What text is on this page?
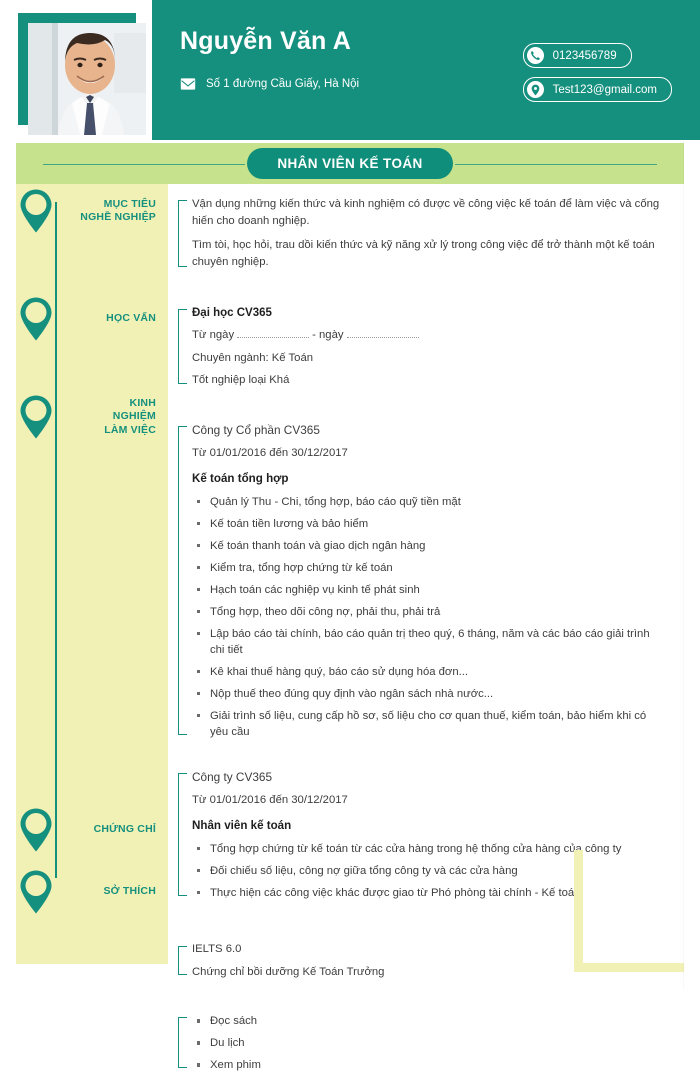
Nguyễn Văn A
Số 1 đường Cầu Giấy, Hà Nội
0123456789
Test123@gmail.com
NHÂN VIÊN KẾ TOÁN
MỤC TIÊU
NGHỀ NGHIỆP
HỌC VẤN
KINH
NGHIỆM
LÀM VIỆC
CHỨNG CHỈ
SỞ THÍCH

Vận dụng những kiến thức và kinh nghiệm có được về công việc kế toán để làm việc và cống hiến cho doanh nghiệp.

Tìm tòi, học hỏi, trau dồi kiến thức và kỹ năng xử lý trong công việc để trở thành một kế toán chuyên nghiệp.

Đại học CV365

Từ ngày	- ngày

Chuyên ngành: Kế Toán

Tốt nghiệp loại Khá

Công ty Cổ phần CV365

Từ 01/01/2016 đến 30/12/2017

Kế toán tổng hợp

Quản lý Thu - Chi, tổng hợp, báo cáo quỹ tiền mặt
Kế toán tiền lương và bảo hiểm
Kế toán thanh toán và giao dịch ngân hàng
Kiểm tra, tổng hợp chứng từ kế toán
Hạch toán các nghiệp vụ kinh tế phát sinh
Tổng hợp, theo dõi công nợ, phải thu, phải trả
Lập báo cáo tài chính, báo cáo quản trị theo quý, 6 tháng, năm và các báo cáo giải trình chi tiết
Kê khai thuế hàng quý, báo cáo sử dụng hóa đơn...
Nộp thuế theo đúng quy định vào ngân sách nhà nước...
Giải trình số liệu, cung cấp hồ sơ, số liệu cho cơ quan thuế, kiểm toán, bảo hiểm khi có yêu cầu

Công ty CV365

Từ 01/01/2016 đến 30/12/2017

Nhân viên kế toán

Tổng hợp chứng từ kế toán từ các cửa hàng trong hệ thống cửa hàng của công ty
Đối chiếu số liệu, công nợ giữa tổng công ty và các cửa hàng
Thực hiện các công việc khác được giao từ Phó phòng tài chính - Kế toán

IELTS 6.0

Chứng chỉ bồi dưỡng Kế Toán Trưởng

Đọc sách
Du lịch
Xem phim
